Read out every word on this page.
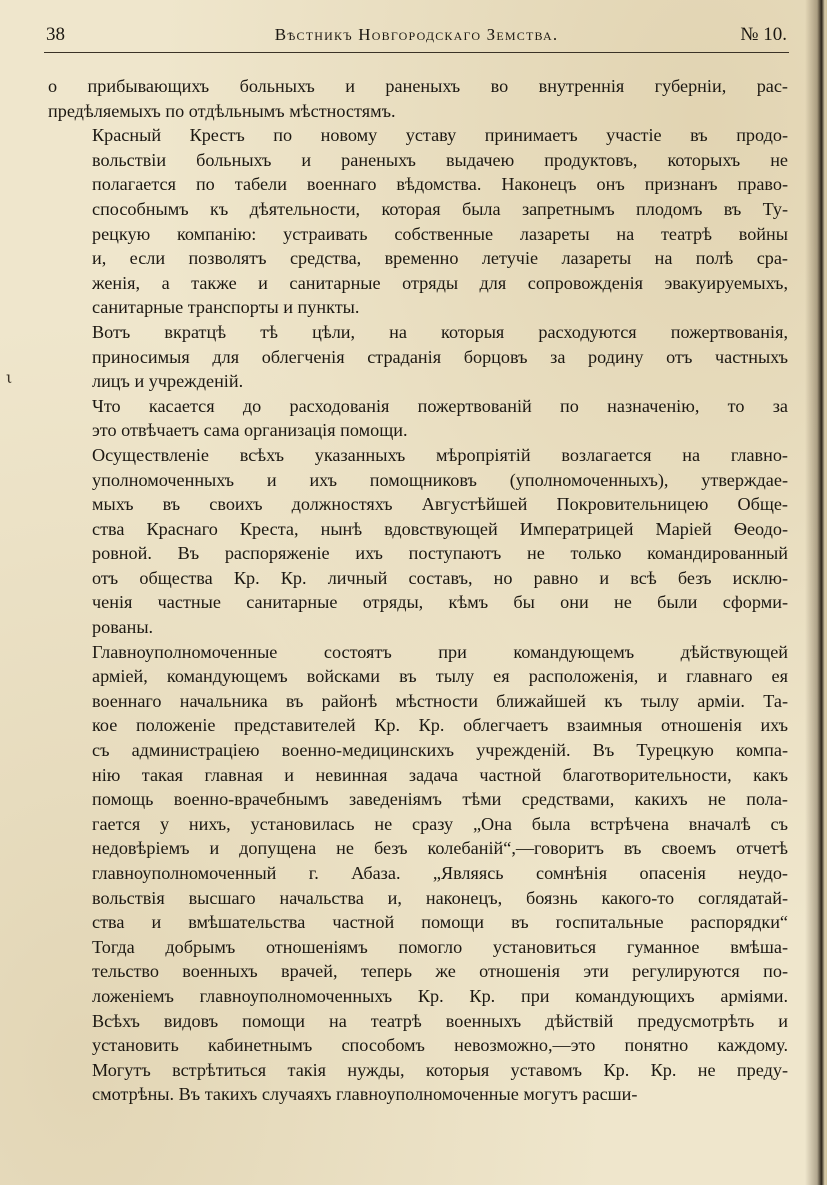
38	Вѣстникъ Новгородскаго Земства.	№ 10.
ι

о прибывающихъ больныхъ и раненыхъ во внутреннія губерніи, рас-
предѣляемыхъ по отдѣльнымъ мѣстностямъ.

Красный Крестъ по новому уставу принимаетъ участіе въ продо-
вольствіи больныхъ и раненыхъ выдачею продуктовъ, которыхъ не
полагается по табели военнаго вѣдомства. Наконецъ онъ признанъ право-
способнымъ къ дѣятельности, которая была запретнымъ плодомъ въ Ту-
рецкую компанію: устраивать собственные лазареты на театрѣ войны
и, если позволятъ средства, временно летучіе лазареты на полѣ сра-
женія, а также и санитарные отряды для сопровожденія эвакуируемыхъ,
санитарные транспорты и пункты.

Вотъ вкратцѣ тѣ цѣли, на которыя расходуются пожертвованія,
приносимыя для облегченія страданія борцовъ за родину отъ частныхъ
лицъ и учрежденій.

Что касается до расходованія пожертвованій по назначенію, то за
это отвѣчаетъ сама организація помощи.

Осуществленіе всѣхъ указанныхъ мѣропріятій возлагается на главно-
уполномоченныхъ и ихъ помощниковъ (уполномоченныхъ), утверждае-
мыхъ въ своихъ должностяхъ Августѣйшей Покровительницею Обще-
ства Краснаго Креста, нынѣ вдовствующей Императрицей Маріей Ѳеодо-
ровной. Въ распоряженіе ихъ поступаютъ не только командированный
отъ общества Кр. Кр. личный составъ, но равно и всѣ безъ исклю-
ченія частные санитарные отряды, кѣмъ бы они не были сформи-
рованы.

Главноуполномоченные состоятъ при командующемъ дѣйствующей
арміей, командующемъ войсками въ тылу ея расположенія, и главнаго ея
военнаго начальника въ районѣ мѣстности ближайшей къ тылу арміи. Та-
кое положеніе представителей Кр. Кр. облегчаетъ взаимныя отношенія ихъ
съ администраціею военно-медицинскихъ учрежденій. Въ Турецкую компа-
нію такая главная и невинная задача частной благотворительности, какъ
помощь военно-врачебнымъ заведеніямъ тѣми средствами, какихъ не пола-
гается у нихъ, установилась не сразу „Она была встрѣчена вначалѣ съ
недовѣріемъ и допущена не безъ колебаній“,—говоритъ въ своемъ отчетѣ
главноуполномоченный г. Абаза. „Являясь сомнѣнія опасенія неудо-
вольствія высшаго начальства и, наконецъ, боязнь какого-то соглядатай-
ства и вмѣшательства частной помощи въ госпитальные распорядки“
Тогда добрымъ отношеніямъ помогло установиться гуманное вмѣша-
тельство военныхъ врачей, теперь же отношенія эти регулируются по-
ложеніемъ главноуполномоченныхъ Кр. Кр. при командующихъ арміями.
Всѣхъ видовъ помощи на театрѣ военныхъ дѣйствій предусмотрѣть и
установить кабинетнымъ способомъ невозможно,—это понятно каждому.
Могутъ встрѣтиться такія нужды, которыя уставомъ Кр. Кр. не преду-
смотрѣны. Въ такихъ случаяхъ главноуполномоченные могутъ расши-
